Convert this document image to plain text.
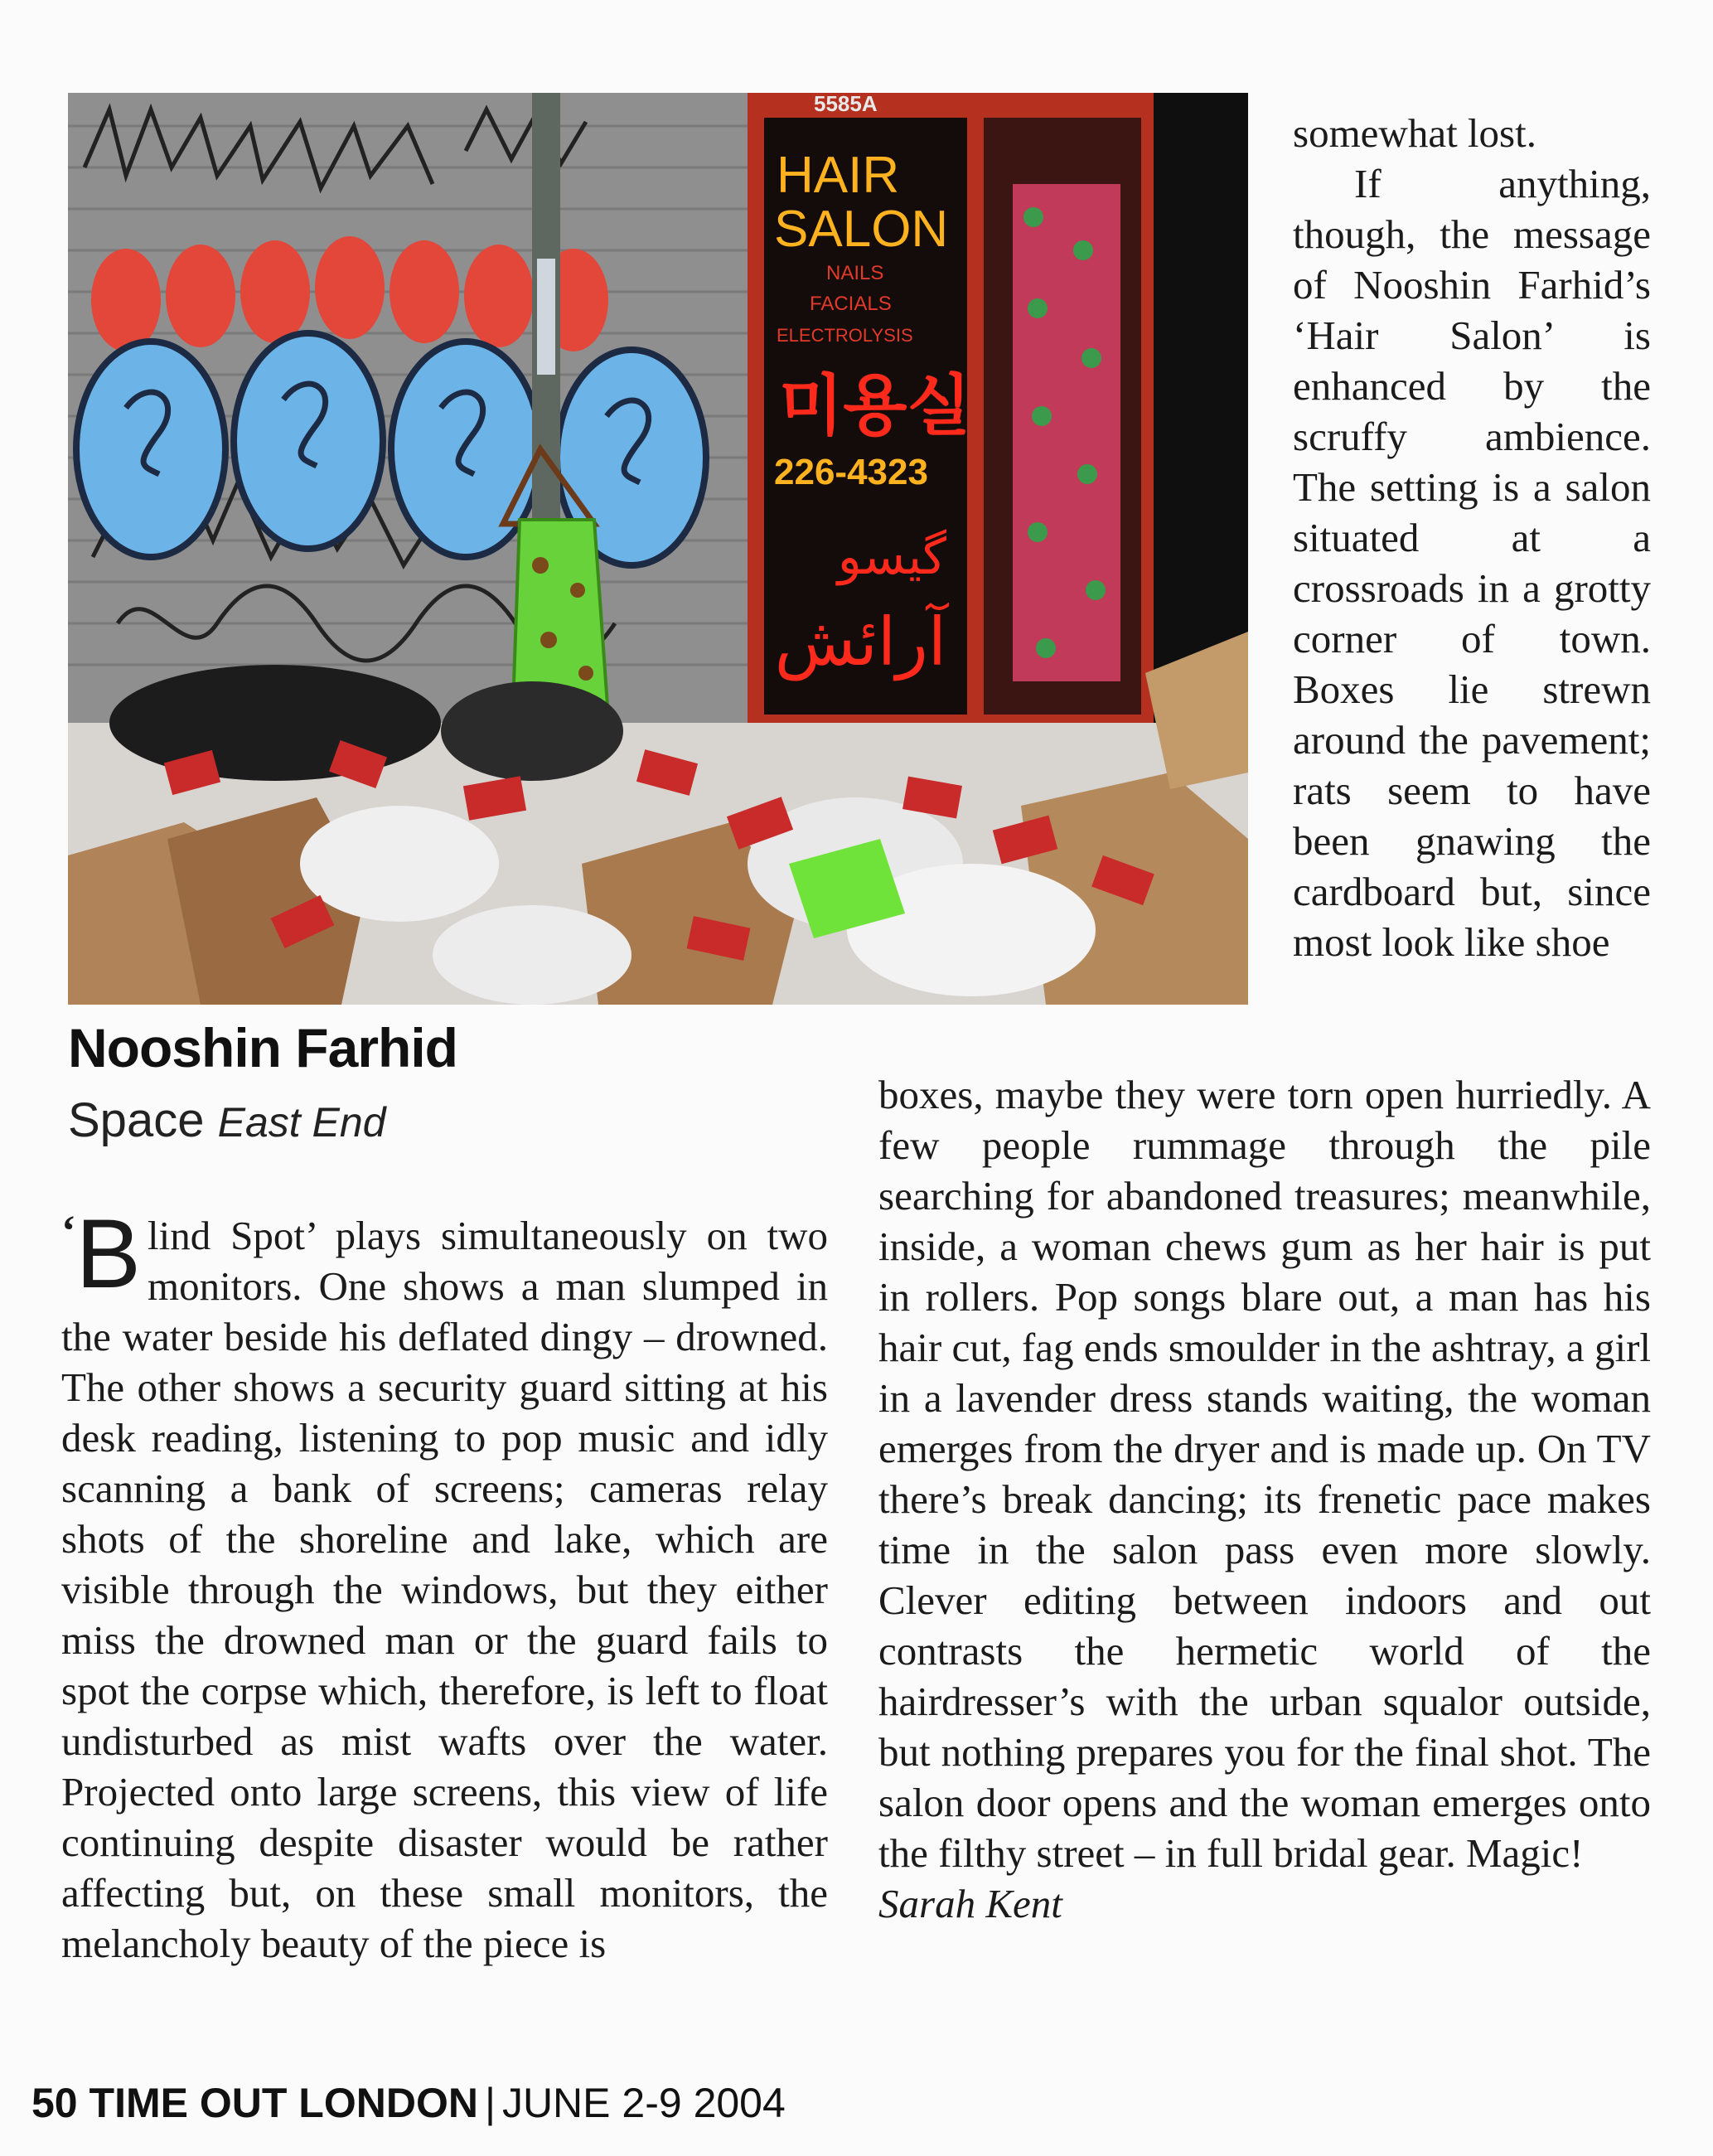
5585A
HAIR
SALON
NAILS
FACIALS
ELECTROLYSIS
미용실
226-4323
گیسو
آرائش
Nooshin Farhid
Space East End
somewhat lost.
If anything, though, the message of Nooshin Farhid’s ‘Hair Salon’ is enhanced by the scruffy ambience. The setting is a salon situated at a crossroads in a grotty corner of town. Boxes lie strewn around the pavement; rats seem to have been gnawing the cardboard but, since most look like shoe
‘B lind Spot’ plays simultaneously on two monitors. One shows a man slumped in the water beside his deflated dingy – drowned. The other shows a security guard sitting at his desk reading, listening to pop music and idly scanning a bank of screens; cameras relay shots of the shoreline and lake, which are visible through the windows, but they either miss the drowned man or the guard fails to spot the corpse which, therefore, is left to float undisturbed as mist wafts over the water. Projected onto large screens, this view of life continuing despite disaster would be rather affecting but, on these small monitors, the melancholy beauty of the piece is
boxes, maybe they were torn open hurriedly. A few people rummage through the pile searching for abandoned treasures; meanwhile, inside, a woman chews gum as her hair is put in rollers. Pop songs blare out, a man has his hair cut, fag ends smoulder in the ashtray, a girl in a lavender dress stands waiting, the woman emerges from the dryer and is made up. On TV there’s break dancing; its frenetic pace makes time in the salon pass even more slowly. Clever editing between indoors and out contrasts the hermetic world of the hairdresser’s with the urban squalor outside, but nothing prepares you for the final shot. The salon door opens and the woman emerges onto the filthy street – in full bridal gear. Magic!
Sarah Kent
50 TIME OUT LONDON | JUNE 2-9 2004
